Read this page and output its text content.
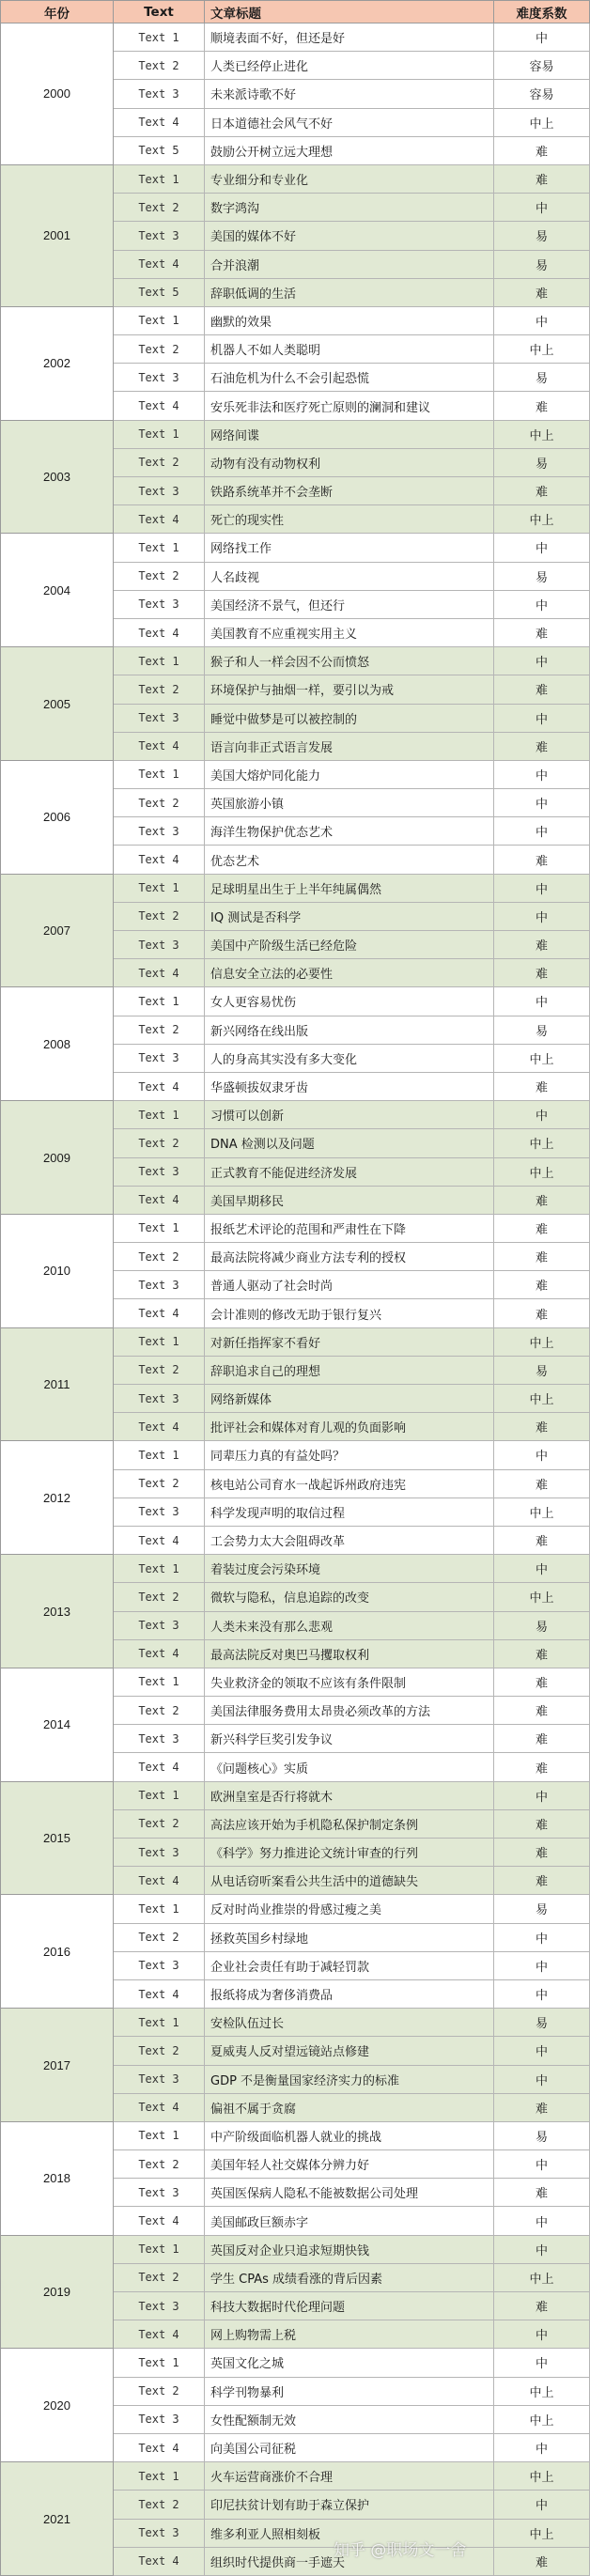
年份	Text	文章标题	难度系数
2000	Text 1	顺境表面不好，但还是好	中
	Text 2	人类已经停止进化	容易
	Text 3	未来派诗歌不好	容易
	Text 4	日本道德社会风气不好	中上
	Text 5	鼓励公开树立远大理想	难
2001	Text 1	专业细分和专业化	难
	Text 2	数字鸿沟	中
	Text 3	美国的媒体不好	易
	Text 4	合并浪潮	易
	Text 5	辞职低调的生活	难
2002	Text 1	幽默的效果	中
	Text 2	机器人不如人类聪明	中上
	Text 3	石油危机为什么不会引起恐慌	易
	Text 4	安乐死非法和医疗死亡原则的澜洞和建议	难
2003	Text 1	网络间谍	中上
	Text 2	动物有没有动物权利	易
	Text 3	铁路系统革并不会垄断	难
	Text 4	死亡的现实性	中上
2004	Text 1	网络找工作	中
	Text 2	人名歧视	易
	Text 3	美国经济不景气，但还行	中
	Text 4	美国教育不应重视实用主义	难
2005	Text 1	猴子和人一样会因不公而愤怒	中
	Text 2	环境保护与抽烟一样，要引以为戒	难
	Text 3	睡觉中做梦是可以被控制的	中
	Text 4	语言向非正式语言发展	难
2006	Text 1	美国大熔炉同化能力	中
	Text 2	英国旅游小镇	中
	Text 3	海洋生物保护优态艺术	中
	Text 4	优态艺术	难
2007	Text 1	足球明星出生于上半年纯属偶然	中
	Text 2	IQ 测试是否科学	中
	Text 3	美国中产阶级生活已经危险	难
	Text 4	信息安全立法的必要性	难
2008	Text 1	女人更容易忧伤	中
	Text 2	新兴网络在线出版	易
	Text 3	人的身高其实没有多大变化	中上
	Text 4	华盛顿拔奴隶牙齿	难
2009	Text 1	习惯可以创新	中
	Text 2	DNA 检测以及问题	中上
	Text 3	正式教育不能促进经济发展	中上
	Text 4	美国早期移民	难
2010	Text 1	报纸艺术评论的范围和严肃性在下降	难
	Text 2	最高法院将减少商业方法专利的授权	难
	Text 3	普通人驱动了社会时尚	难
	Text 4	会计准则的修改无助于银行复兴	难
2011	Text 1	对新任指挥家不看好	中上
	Text 2	辞职追求自己的理想	易
	Text 3	网络新媒体	中上
	Text 4	批评社会和媒体对育儿观的负面影响	难
2012	Text 1	同辈压力真的有益处吗？	中
	Text 2	核电站公司育水一战起诉州政府违宪	难
	Text 3	科学发现声明的取信过程	中上
	Text 4	工会势力太大会阻碍改革	难
2013	Text 1	着装过度会污染环境	中
	Text 2	微软与隐私，信息追踪的改变	中上
	Text 3	人类未来没有那么悲观	易
	Text 4	最高法院反对奥巴马攫取权利	难
2014	Text 1	失业救济金的领取不应该有条件限制	难
	Text 2	美国法律服务费用太昂贵必须改革的方法	难
	Text 3	新兴科学巨奖引发争议	难
	Text 4	《问题核心》实质	难
2015	Text 1	欧洲皇室是否行将就木	中
	Text 2	高法应该开始为手机隐私保护制定条例	难
	Text 3	《科学》努力推进论文统计审查的行列	难
	Text 4	从电话窃听案看公共生活中的道德缺失	难
2016	Text 1	反对时尚业推崇的骨感过瘦之美	易
	Text 2	拯救英国乡村绿地	中
	Text 3	企业社会责任有助于减轻罚款	中
	Text 4	报纸将成为奢侈消费品	中
2017	Text 1	安检队伍过长	易
	Text 2	夏威夷人反对望远镜站点修建	中
	Text 3	GDP 不是衡量国家经济实力的标准	中
	Text 4	偏祖不属于贪腐	难
2018	Text 1	中产阶级面临机器人就业的挑战	易
	Text 2	美国年轻人社交媒体分辨力好	中
	Text 3	英国医保病人隐私不能被数据公司处理	难
	Text 4	美国邮政巨额赤字	中
2019	Text 1	英国反对企业只追求短期快钱	中
	Text 2	学生 CPAs 成绩看涨的背后因素	中上
	Text 3	科技大数据时代伦理问题	难
	Text 4	网上购物需上税	中
2020	Text 1	英国文化之城	中
	Text 2	科学刊物暴利	中上
	Text 3	女性配额制无效	中上
	Text 4	向美国公司征税	中
2021	Text 1	火车运营商涨价不合理	中上
	Text 2	印尼扶贫计划有助于森立保护	中
	Text 3	维多利亚人照相刻板	中上
	Text 4	组织时代提供商一手遮天	难
知乎 @职场文一舍
